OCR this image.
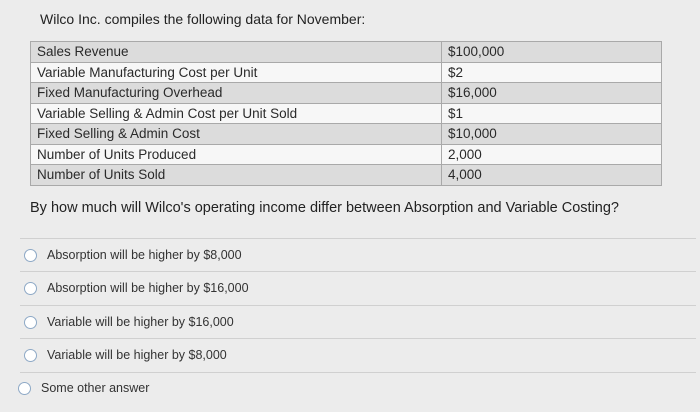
Wilco Inc. compiles the following data for November:
Sales Revenue	$100,000
Variable Manufacturing Cost per Unit	$2
Fixed Manufacturing Overhead	$16,000
Variable Selling & Admin Cost per Unit Sold	$1
Fixed Selling & Admin Cost	$10,000
Number of Units Produced	2,000
Number of Units Sold	4,000
By how much will Wilco's operating income differ between Absorption and Variable Costing?
Absorption will be higher by $8,000
Absorption will be higher by $16,000
Variable will be higher by $16,000
Variable will be higher by $8,000
Some other answer
